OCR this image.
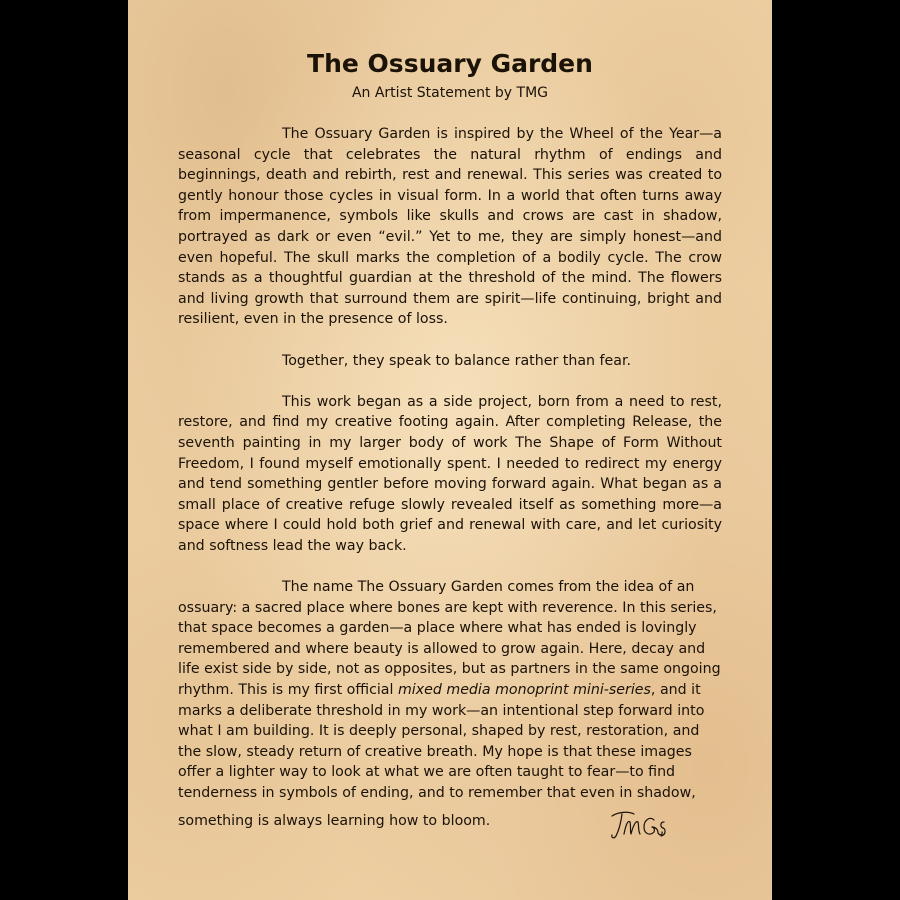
The Ossuary Garden
An Artist Statement by TMG

The Ossuary Garden is inspired by the Wheel of the Year—a seasonal cycle that celebrates the natural rhythm of endings and beginnings, death and rebirth, rest and renewal. This series was created to gently honour those cycles in visual form. In a world that often turns away from impermanence, symbols like skulls and crows are cast in shadow, portrayed as dark or even “evil.” Yet to me, they are simply honest—and even hopeful. The skull marks the completion of a bodily cycle. The crow stands as a thoughtful guardian at the threshold of the mind. The flowers and living growth that surround them are spirit—life continuing, bright and resilient, even in the presence of loss.

Together, they speak to balance rather than fear.

This work began as a side project, born from a need to rest, restore, and find my creative footing again. After completing Release, the seventh painting in my larger body of work The Shape of Form Without Freedom, I found myself emotionally spent. I needed to redirect my energy and tend something gentler before moving forward again. What began as a small place of creative refuge slowly revealed itself as something more—a space where I could hold both grief and renewal with care, and let curiosity and softness lead the way back.

The name The Ossuary Garden comes from the idea of an ossuary: a sacred place where bones are kept with reverence. In this series, that space becomes a garden—a place where what has ended is lovingly remembered and where beauty is allowed to grow again. Here, decay and life exist side by side, not as opposites, but as partners in the same ongoing rhythm. This is my first official mixed media monoprint mini-series, and it marks a deliberate threshold in my work—an intentional step forward into what I am building. It is deeply personal, shaped by rest, restoration, and the slow, steady return of creative breath. My hope is that these images offer a lighter way to look at what we are often taught to fear—to find tenderness in symbols of ending, and to remember that even in shadow, something is always learning how to bloom.
